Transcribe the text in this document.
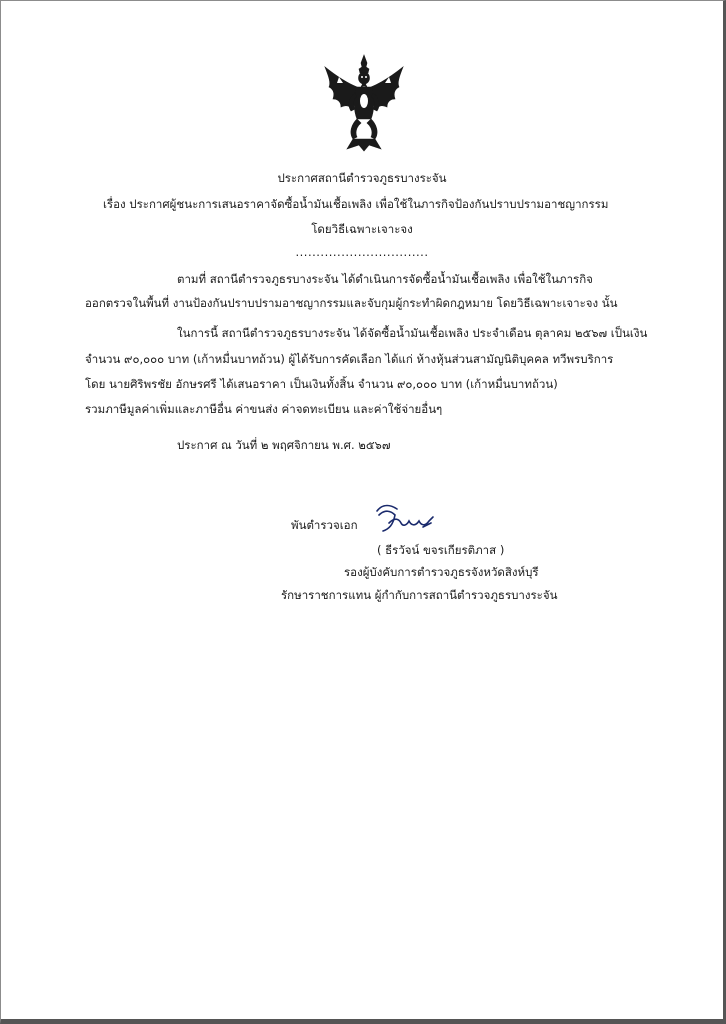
ประกาศสถานีตำรวจภูธรบางระจัน
เรื่อง ประกาศผู้ชนะการเสนอราคาจัดซื้อน้ำมันเชื้อเพลิง เพื่อใช้ในภารกิจป้องกันปราบปรามอาชญากรรม
โดยวิธีเฉพาะเจาะจง
................................
ตามที่ สถานีตำรวจภูธรบางระจัน ได้ดำเนินการจัดซื้อน้ำมันเชื้อเพลิง เพื่อใช้ในภารกิจ
ออกตรวจในพื้นที่ งานป้องกันปราบปรามอาชญากรรมและจับกุมผู้กระทำผิดกฎหมาย โดยวิธีเฉพาะเจาะจง นั้น
ในการนี้ สถานีตำรวจภูธรบางระจัน ได้จัดซื้อน้ำมันเชื้อเพลิง ประจำเดือน ตุลาคม ๒๕๖๗ เป็นเงิน
จำนวน ๙๐,๐๐๐ บาท (เก้าหมื่นบาทถ้วน) ผู้ได้รับการคัดเลือก ได้แก่ ห้างหุ้นส่วนสามัญนิติบุคคล ทวีพรบริการ
โดย นายศิริพรชัย อักษรศรี ได้เสนอราคา เป็นเงินทั้งสิ้น จำนวน ๙๐,๐๐๐ บาท (เก้าหมื่นบาทถ้วน)
รวมภาษีมูลค่าเพิ่มและภาษีอื่น ค่าขนส่ง ค่าจดทะเบียน และค่าใช้จ่ายอื่นๆ
ประกาศ ณ วันที่ ๒ พฤศจิกายน พ.ศ. ๒๕๖๗
พันตำรวจเอก
( ธีรวัจน์ ขจรเกียรติภาส )
รองผู้บังคับการตำรวจภูธรจังหวัดสิงห์บุรี
รักษาราชการแทน ผู้กำกับการสถานีตำรวจภูธรบางระจัน
